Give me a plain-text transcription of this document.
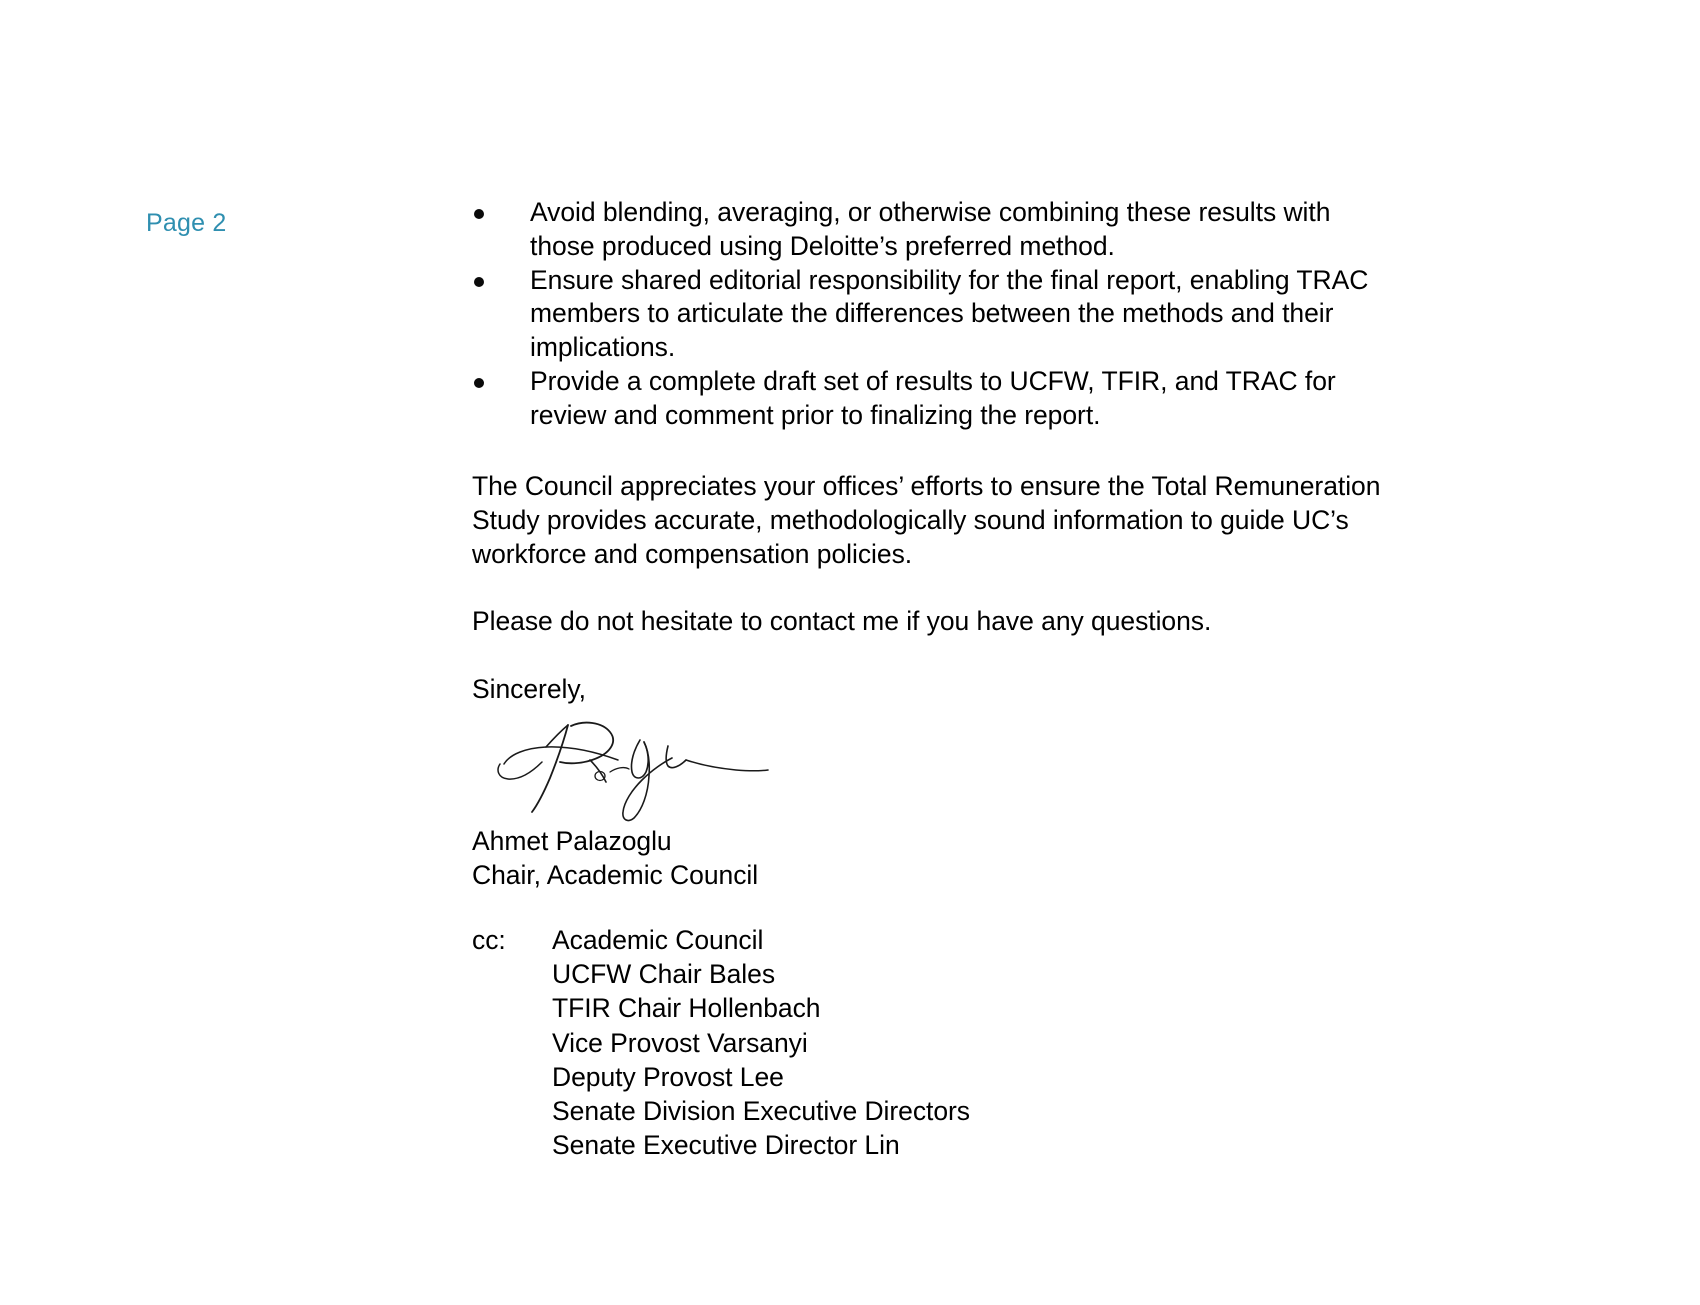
Page 2	Avoid blending, averaging, or otherwise combining these results with those produced using Deloitte’s preferred method.
Ensure shared editorial responsibility for the final report, enabling TRAC members to articulate the differences between the methods and their implications.
Provide a complete draft set of results to UCFW, TFIR, and TRAC for review and comment prior to finalizing the report.

The Council appreciates your offices’ efforts to ensure the Total Remuneration Study provides accurate, methodologically sound information to guide UC’s workforce and compensation policies.

Please do not hesitate to contact me if you have any questions.

Sincerely,

Ahmet Palazoglu
Chair, Academic Council
cc:	Academic Council
UCFW Chair Bales
TFIR Chair Hollenbach
Vice Provost Varsanyi
Deputy Provost Lee
Senate Division Executive Directors
Senate Executive Director Lin
